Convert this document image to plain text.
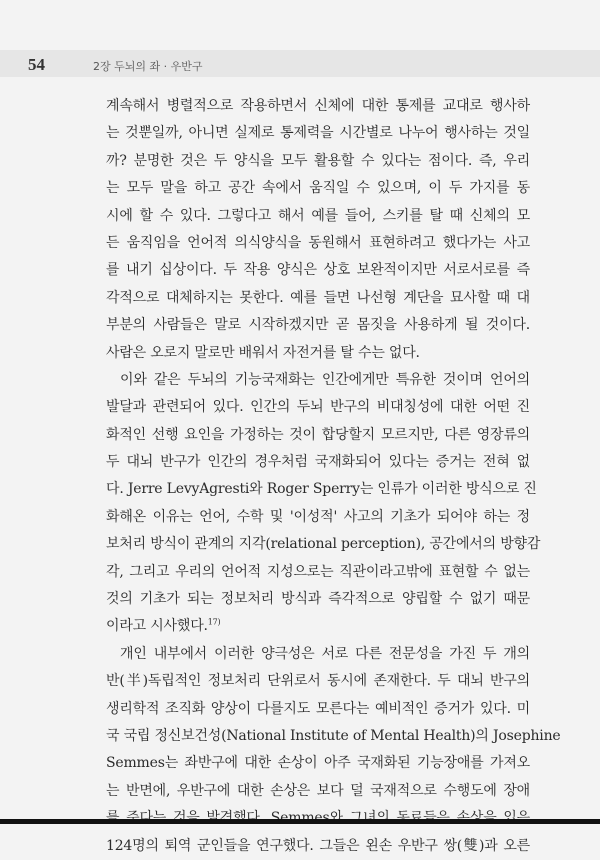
54	2장 두뇌의 좌 · 우반구

계속해서 병렬적으로 작용하면서 신체에 대한 통제를 교대로 행사하

는 것뿐일까, 아니면 실제로 통제력을 시간별로 나누어 행사하는 것일

까? 분명한 것은 두 양식을 모두 활용할 수 있다는 점이다. 즉, 우리

는 모두 말을 하고 공간 속에서 움직일 수 있으며, 이 두 가지를 동

시에 할 수 있다. 그렇다고 해서 예를 들어, 스키를 탈 때 신체의 모

든 움직임을 언어적 의식양식을 동원해서 표현하려고 했다가는 사고

를 내기 십상이다. 두 작용 양식은 상호 보완적이지만 서로서로를 즉

각적으로 대체하지는 못한다. 예를 들면 나선형 계단을 묘사할 때 대

부분의 사람들은 말로 시작하겠지만 곧 몸짓을 사용하게 될 것이다.

사람은 오로지 말로만 배워서 자전거를 탈 수는 없다.

이와 같은 두뇌의 기능국재화는 인간에게만 특유한 것이며 언어의

발달과 관련되어 있다. 인간의 두뇌 반구의 비대칭성에 대한 어떤 진

화적인 선행 요인을 가정하는 것이 합당할지 모르지만, 다른 영장류의

두 대뇌 반구가 인간의 경우처럼 국재화되어 있다는 증거는 전혀 없

다. Jerre LevyAgresti와 Roger Sperry는 인류가 이러한 방식으로 진

화해온 이유는 언어, 수학 및 '이성적' 사고의 기초가 되어야 하는 정

보처리 방식이 관계의 지각(relational perception), 공간에서의 방향감

각, 그리고 우리의 언어적 지성으로는 직관이라고밖에 표현할 수 없는

것의 기초가 되는 정보처리 방식과 즉각적으로 양립할 수 없기 때문

이라고 시사했다.$^{17)}$

개인 내부에서 이러한 양극성은 서로 다른 전문성을 가진 두 개의

반(半)독립적인 정보처리 단위로서 동시에 존재한다. 두 대뇌 반구의

생리학적 조직화 양상이 다를지도 모른다는 예비적인 증거가 있다. 미

국 국립 정신보건성(National Institute of Mental Health)의 Josephine

Semmes는 좌반구에 대한 손상이 아주 국재화된 기능장애를 가져오

는 반면에, 우반구에 대한 손상은 보다 덜 국재적으로 수행도에 장애

124명의 퇴역 군인들을 연구했다. 그들은 왼손 우반구 쌍(雙)과 오른
